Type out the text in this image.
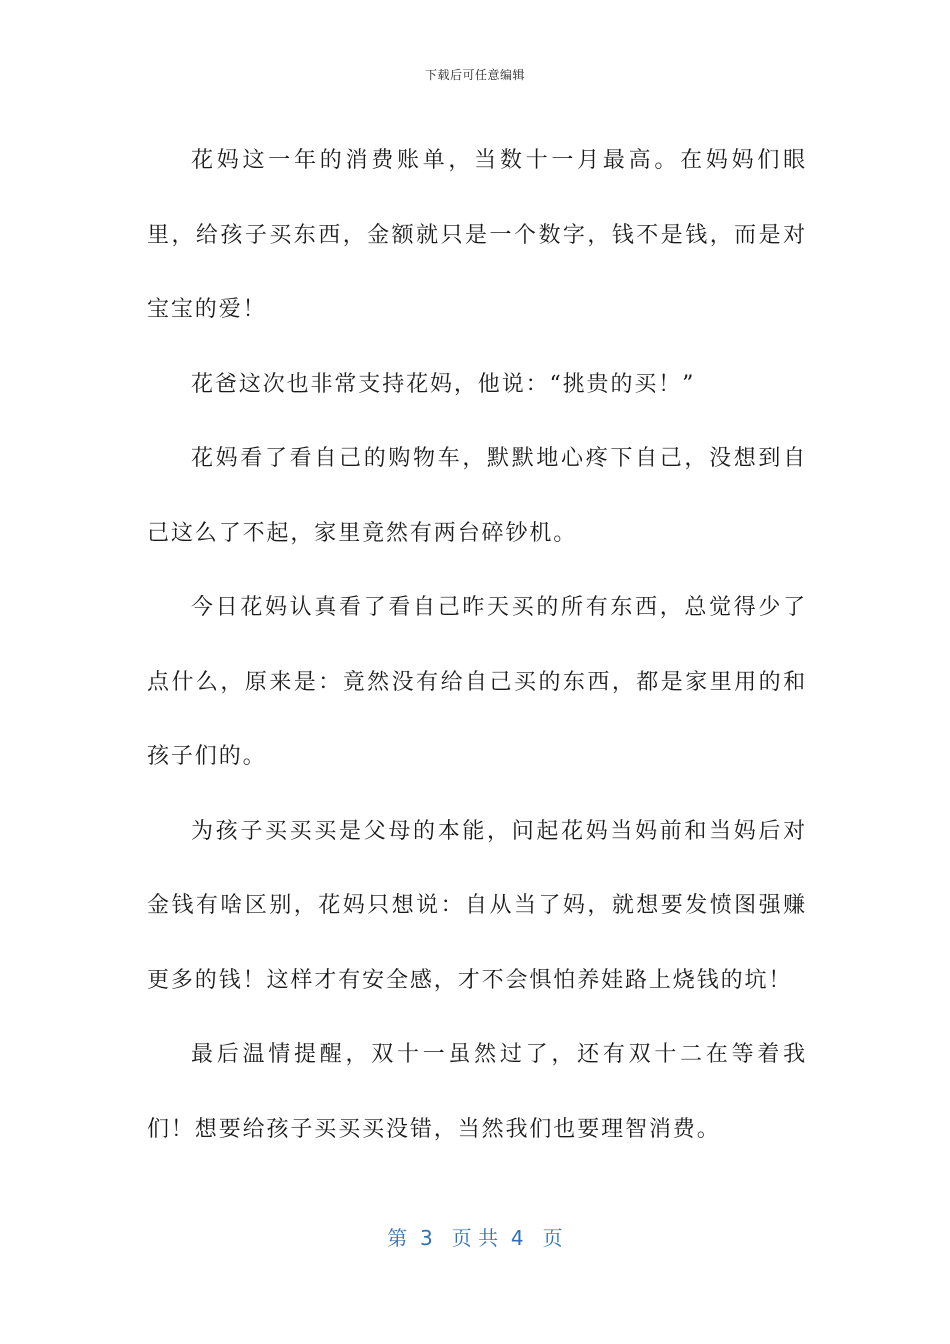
下载后可任意编辑

花妈这一年的消费账单，当数十一月最高。在妈妈们眼里，给孩子买东西，金额就只是一个数字，钱不是钱，而是对宝宝的爱！

花爸这次也非常支持花妈，他说：“挑贵的买！”

花妈看了看自己的购物车，默默地心疼下自己，没想到自己这么了不起，家里竟然有两台碎钞机。

今日花妈认真看了看自己昨天买的所有东西，总觉得少了点什么，原来是：竟然没有给自己买的东西，都是家里用的和孩子们的。

为孩子买买买是父母的本能，问起花妈当妈前和当妈后对金钱有啥区别，花妈只想说：自从当了妈，就想要发愤图强赚更多的钱！这样才有安全感，才不会惧怕养娃路上烧钱的坑！

最后温情提醒，双十一虽然过了，还有双十二在等着我们！想要给孩子买买买没错，当然我们也要理智消费。

第  3   页 共  4   页
